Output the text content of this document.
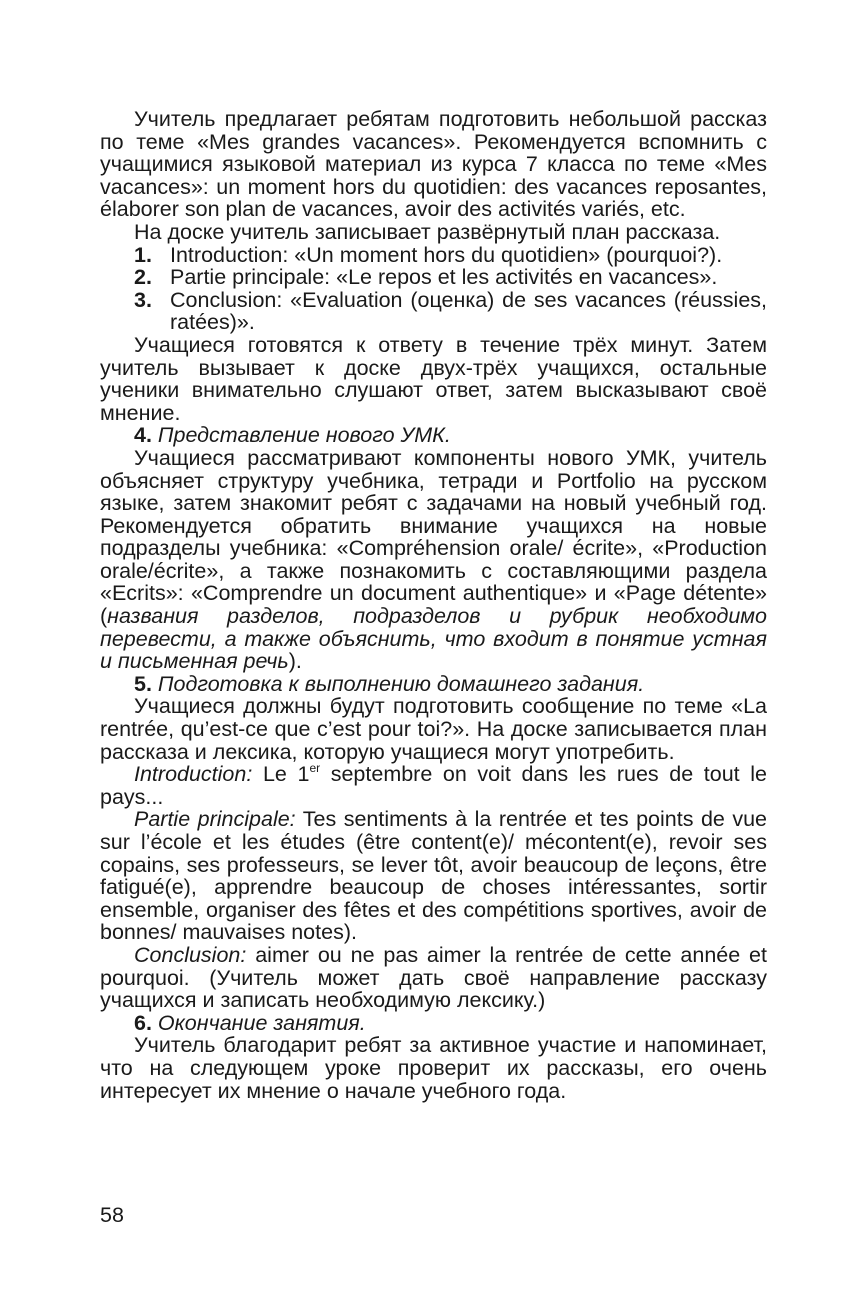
Учитель предлагает ребятам подготовить небольшой рассказ по теме «Mes grandes vacances». Рекомендуется вспомнить с учащимися языковой материал из курса 7 класса по теме «Mes vacances»: un moment hors du quotidien: des vacances reposantes, élaborer son plan de vacances, avoir des activités variés, etc.

На доске учитель записывает развёрнутый план рассказа.

1. Introduction: «Un moment hors du quotidien» (pourquoi?).
2. Partie principale: «Le repos et les activités en vacances».
3. Conclusion: «Evaluation (оценка) de ses vacances (réussies, ratées)».

Учащиеся готовятся к ответу в течение трёх минут. Затем учитель вызывает к доске двух-трёх учащихся, остальные ученики внимательно слушают ответ, затем высказывают своё мнение.

4. Представление нового УМК.

Учащиеся рассматривают компоненты нового УМК, учитель объясняет структуру учебника, тетради и Portfolio на русском языке, затем знакомит ребят с задачами на новый учебный год. Рекомендуется обратить внимание учащихся на новые подразделы учебника: «Compréhension orale/ écrite», «Production orale/écrite», а также познакомить с составляющими раздела «Ecrits»: «Comprendre un document authentique» и «Page détente» (названия разделов, подразделов и рубрик необходимо перевести, а также объяснить, что входит в понятие устная и письменная речь).

5. Подготовка к выполнению домашнего задания.

Учащиеся должны будут подготовить сообщение по теме «La rentrée, qu’est-ce que c’est pour toi?». На доске записывается план рассказа и лексика, которую учащиеся могут употребить.

Introduction: Le 1er septembre on voit dans les rues de tout le pays...

Partie principale: Tes sentiments à la rentrée et tes points de vue sur l’école et les études (être content(e)/ mécontent(e), revoir ses copains, ses professeurs, se lever tôt, avoir beaucoup de leçons, être fatigué(e), apprendre beaucoup de choses intéressantes, sortir ensemble, organiser des fêtes et des compétitions sportives, avoir de bonnes/ mauvaises notes).

Conclusion: aimer ou ne pas aimer la rentrée de cette année et pourquoi. (Учитель может дать своё направление рассказу учащихся и записать необходимую лексику.)

6. Окончание занятия.

Учитель благодарит ребят за активное участие и напоминает, что на следующем уроке проверит их рассказы, его очень интересует их мнение о начале учебного года.

58
